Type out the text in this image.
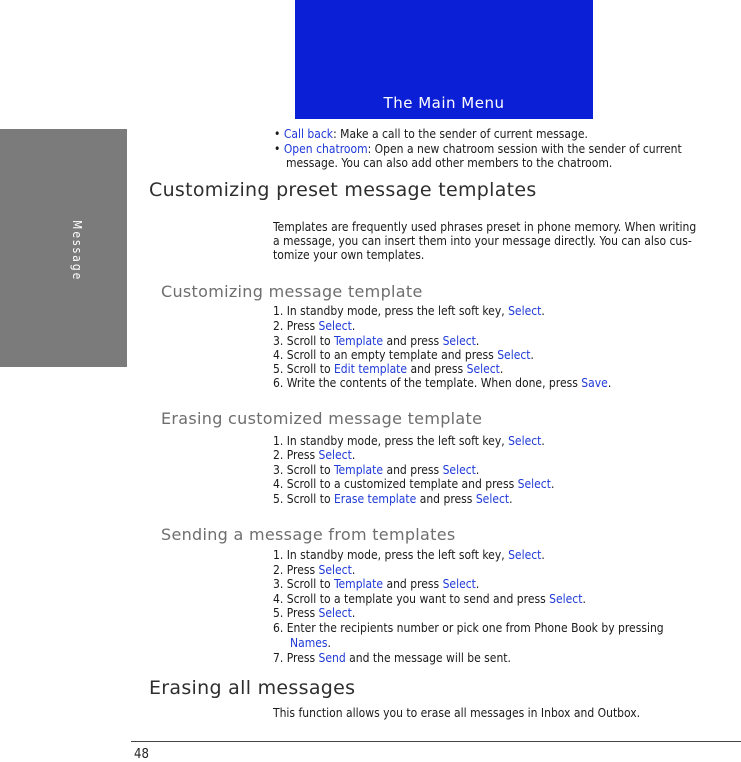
Message
The Main Menu
• Call back: Make a call to the sender of current message.
• Open chatroom: Open a new chatroom session with the sender of current
message. You can also add other members to the chatroom.
Customizing preset message templates
Templates are frequently used phrases preset in phone memory. When writing
a message, you can insert them into your message directly. You can also cus-
tomize your own templates.
Customizing message template
1. In standby mode, press the left soft key, Select.
2. Press Select.
3. Scroll to Template and press Select.
4. Scroll to an empty template and press Select.
5. Scroll to Edit template and press Select.
6. Write the contents of the template. When done, press Save.
Erasing customized message template
1. In standby mode, press the left soft key, Select.
2. Press Select.
3. Scroll to Template and press Select.
4. Scroll to a customized template and press Select.
5. Scroll to Erase template and press Select.
Sending a message from templates
1. In standby mode, press the left soft key, Select.
2. Press Select.
3. Scroll to Template and press Select.
4. Scroll to a template you want to send and press Select.
5. Press Select.
6. Enter the recipients number or pick one from Phone Book by pressing
Names.
7. Press Send and the message will be sent.
Erasing all messages
This function allows you to erase all messages in Inbox and Outbox.
48
